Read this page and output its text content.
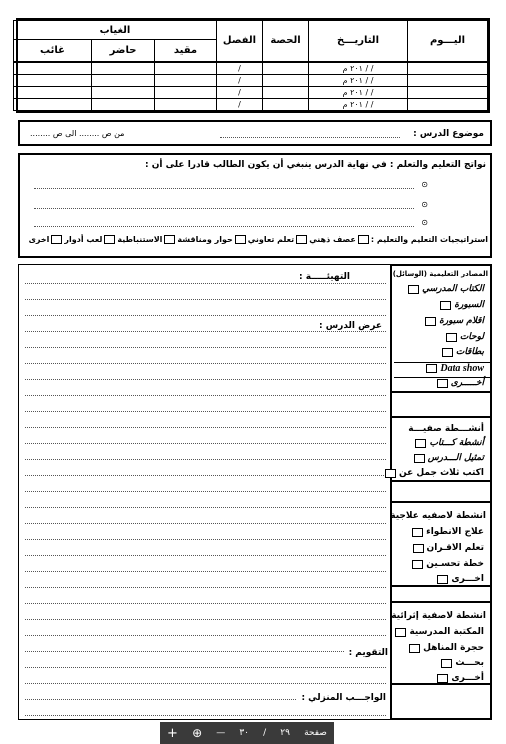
اليـــوم	التاريـــخ	الحصة	الفصل	الغياب		
				مقيد	حاضر	غائب
	/ / ٢٠١ م		/			
	/ / ٢٠١ م		/			
	/ / ٢٠١ م		/			
	/ / ٢٠١ م		/			
موضوع الدرس :
من ص ........ الى ص ........
نواتج التعليم والتعلم : في نهاية الدرس ينبغي أن يكون الطالب قادرا على أن :
⊙
⊙
⊙
استراتيجيات التعليم والتعليم :
عصف ذهني
تعلم تعاوني
حوار ومناقشة
الاستنباطية
لعب أدوار
اخرى
التهيئـــــة :
عرض الدرس :
التقويم :
الواجـــب المنزلي :
المصادر التعليمية (الوسائل)
الكتاب المدرسي
السبورة
اقلام سبورة
لوحات
بطاقات
Data show
أخـــــرى
أنشـــطة صفيـــة
أنشطة كـــتاب
تمثيل الـــدرس
اكتب ثلاث جمل عن
انشطة لاصفيه علاجية
علاج الانطواء
تعلم الاقـران
خطة تحسـين
اخـــرى
انشطة لاصفية إثرائية
المكتبة المدرسية
حجرة المناهل
بحـــث
أخـــرى
+ ⊕ — ٣٠ / ٢٩ صفحة
